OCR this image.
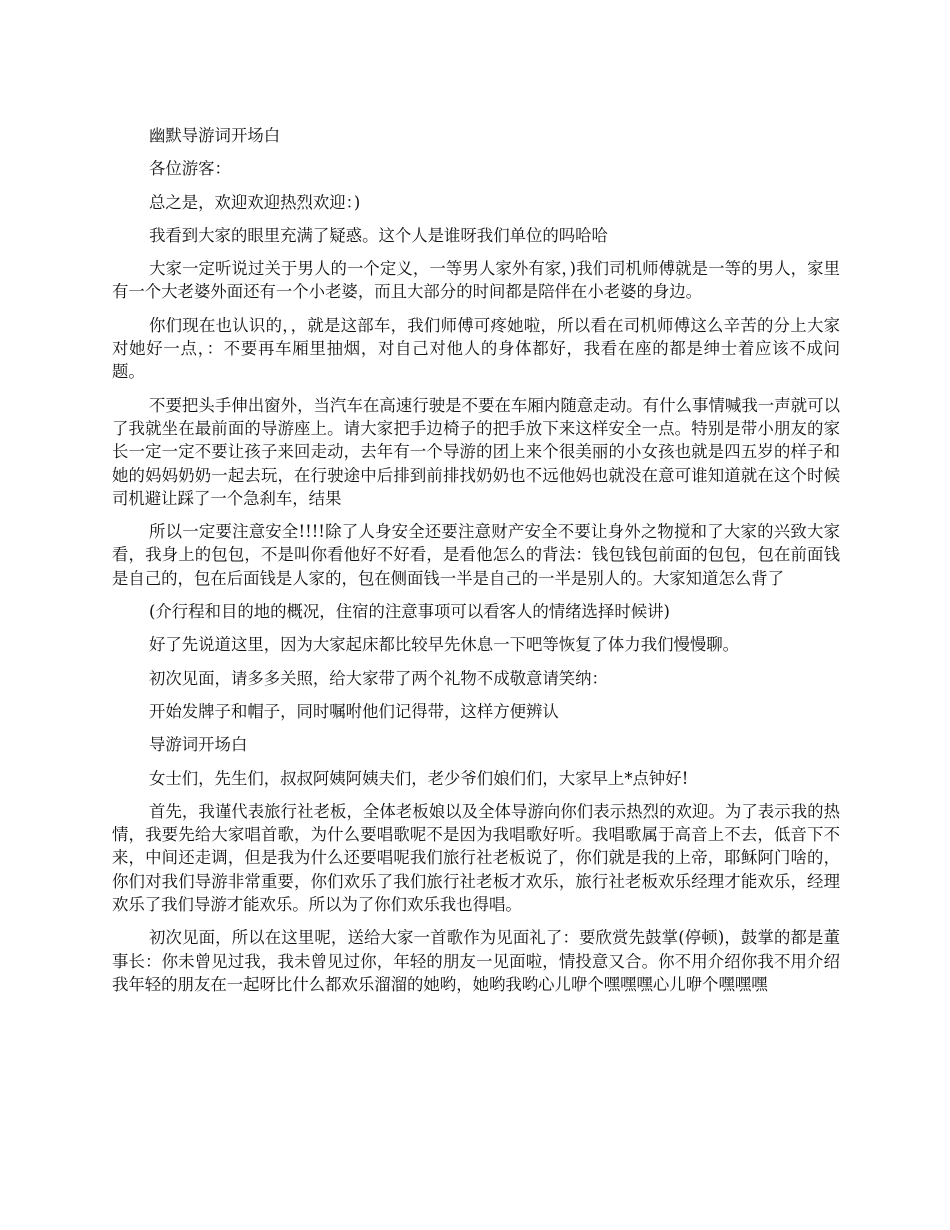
幽默导游词开场白

各位游客：

总之是，欢迎欢迎热烈欢迎：)

我看到大家的眼里充满了疑惑。这个人是谁呀我们单位的吗哈哈

大家一定听说过关于男人的一个定义，一等男人家外有家，)我们司机师傅就是一等的男人，家里有一个大老婆外面还有一个小老婆，而且大部分的时间都是陪伴在小老婆的身边。

你们现在也认识的，，就是这部车，我们师傅可疼她啦，所以看在司机师傅这么辛苦的分上大家对她好一点，：不要再车厢里抽烟，对自己对他人的身体都好，我看在座的都是绅士着应该不成问题。

不要把头手伸出窗外，当汽车在高速行驶是不要在车厢内随意走动。有什么事情喊我一声就可以了我就坐在最前面的导游座上。请大家把手边椅子的把手放下来这样安全一点。特别是带小朋友的家长一定一定不要让孩子来回走动，去年有一个导游的团上来个很美丽的小女孩也就是四五岁的样子和她的妈妈奶奶一起去玩，在行驶途中后排到前排找奶奶也不远他妈也就没在意可谁知道就在这个时候司机避让踩了一个急刹车，结果

所以一定要注意安全!!!!除了人身安全还要注意财产安全不要让身外之物搅和了大家的兴致大家看，我身上的包包，不是叫你看他好不好看，是看他怎么的背法：钱包钱包前面的包包，包在前面钱是自己的，包在后面钱是人家的，包在侧面钱一半是自己的一半是别人的。大家知道怎么背了

(介行程和目的地的概况，住宿的注意事项可以看客人的情绪选择时候讲)

好了先说道这里，因为大家起床都比较早先休息一下吧等恢复了体力我们慢慢聊。

初次见面，请多多关照，给大家带了两个礼物不成敬意请笑纳：

开始发牌子和帽子，同时嘱咐他们记得带，这样方便辨认

导游词开场白

女士们，先生们，叔叔阿姨阿姨夫们，老少爷们娘们们，大家早上*点钟好!

首先，我谨代表旅行社老板，全体老板娘以及全体导游向你们表示热烈的欢迎。为了表示我的热情，我要先给大家唱首歌，为什么要唱歌呢不是因为我唱歌好听。我唱歌属于高音上不去，低音下不来，中间还走调，但是我为什么还要唱呢我们旅行社老板说了，你们就是我的上帝，耶稣阿门啥的，你们对我们导游非常重要，你们欢乐了我们旅行社老板才欢乐，旅行社老板欢乐经理才能欢乐，经理欢乐了我们导游才能欢乐。所以为了你们欢乐我也得唱。

初次见面，所以在这里呢，送给大家一首歌作为见面礼了：要欣赏先鼓掌(停顿)，鼓掌的都是董事长：你未曾见过我，我未曾见过你，年轻的朋友一见面啦，情投意又合。你不用介绍你我不用介绍我年轻的朋友在一起呀比什么都欢乐溜溜的她哟，她哟我哟心儿咿个嘿嘿嘿心儿咿个嘿嘿嘿
